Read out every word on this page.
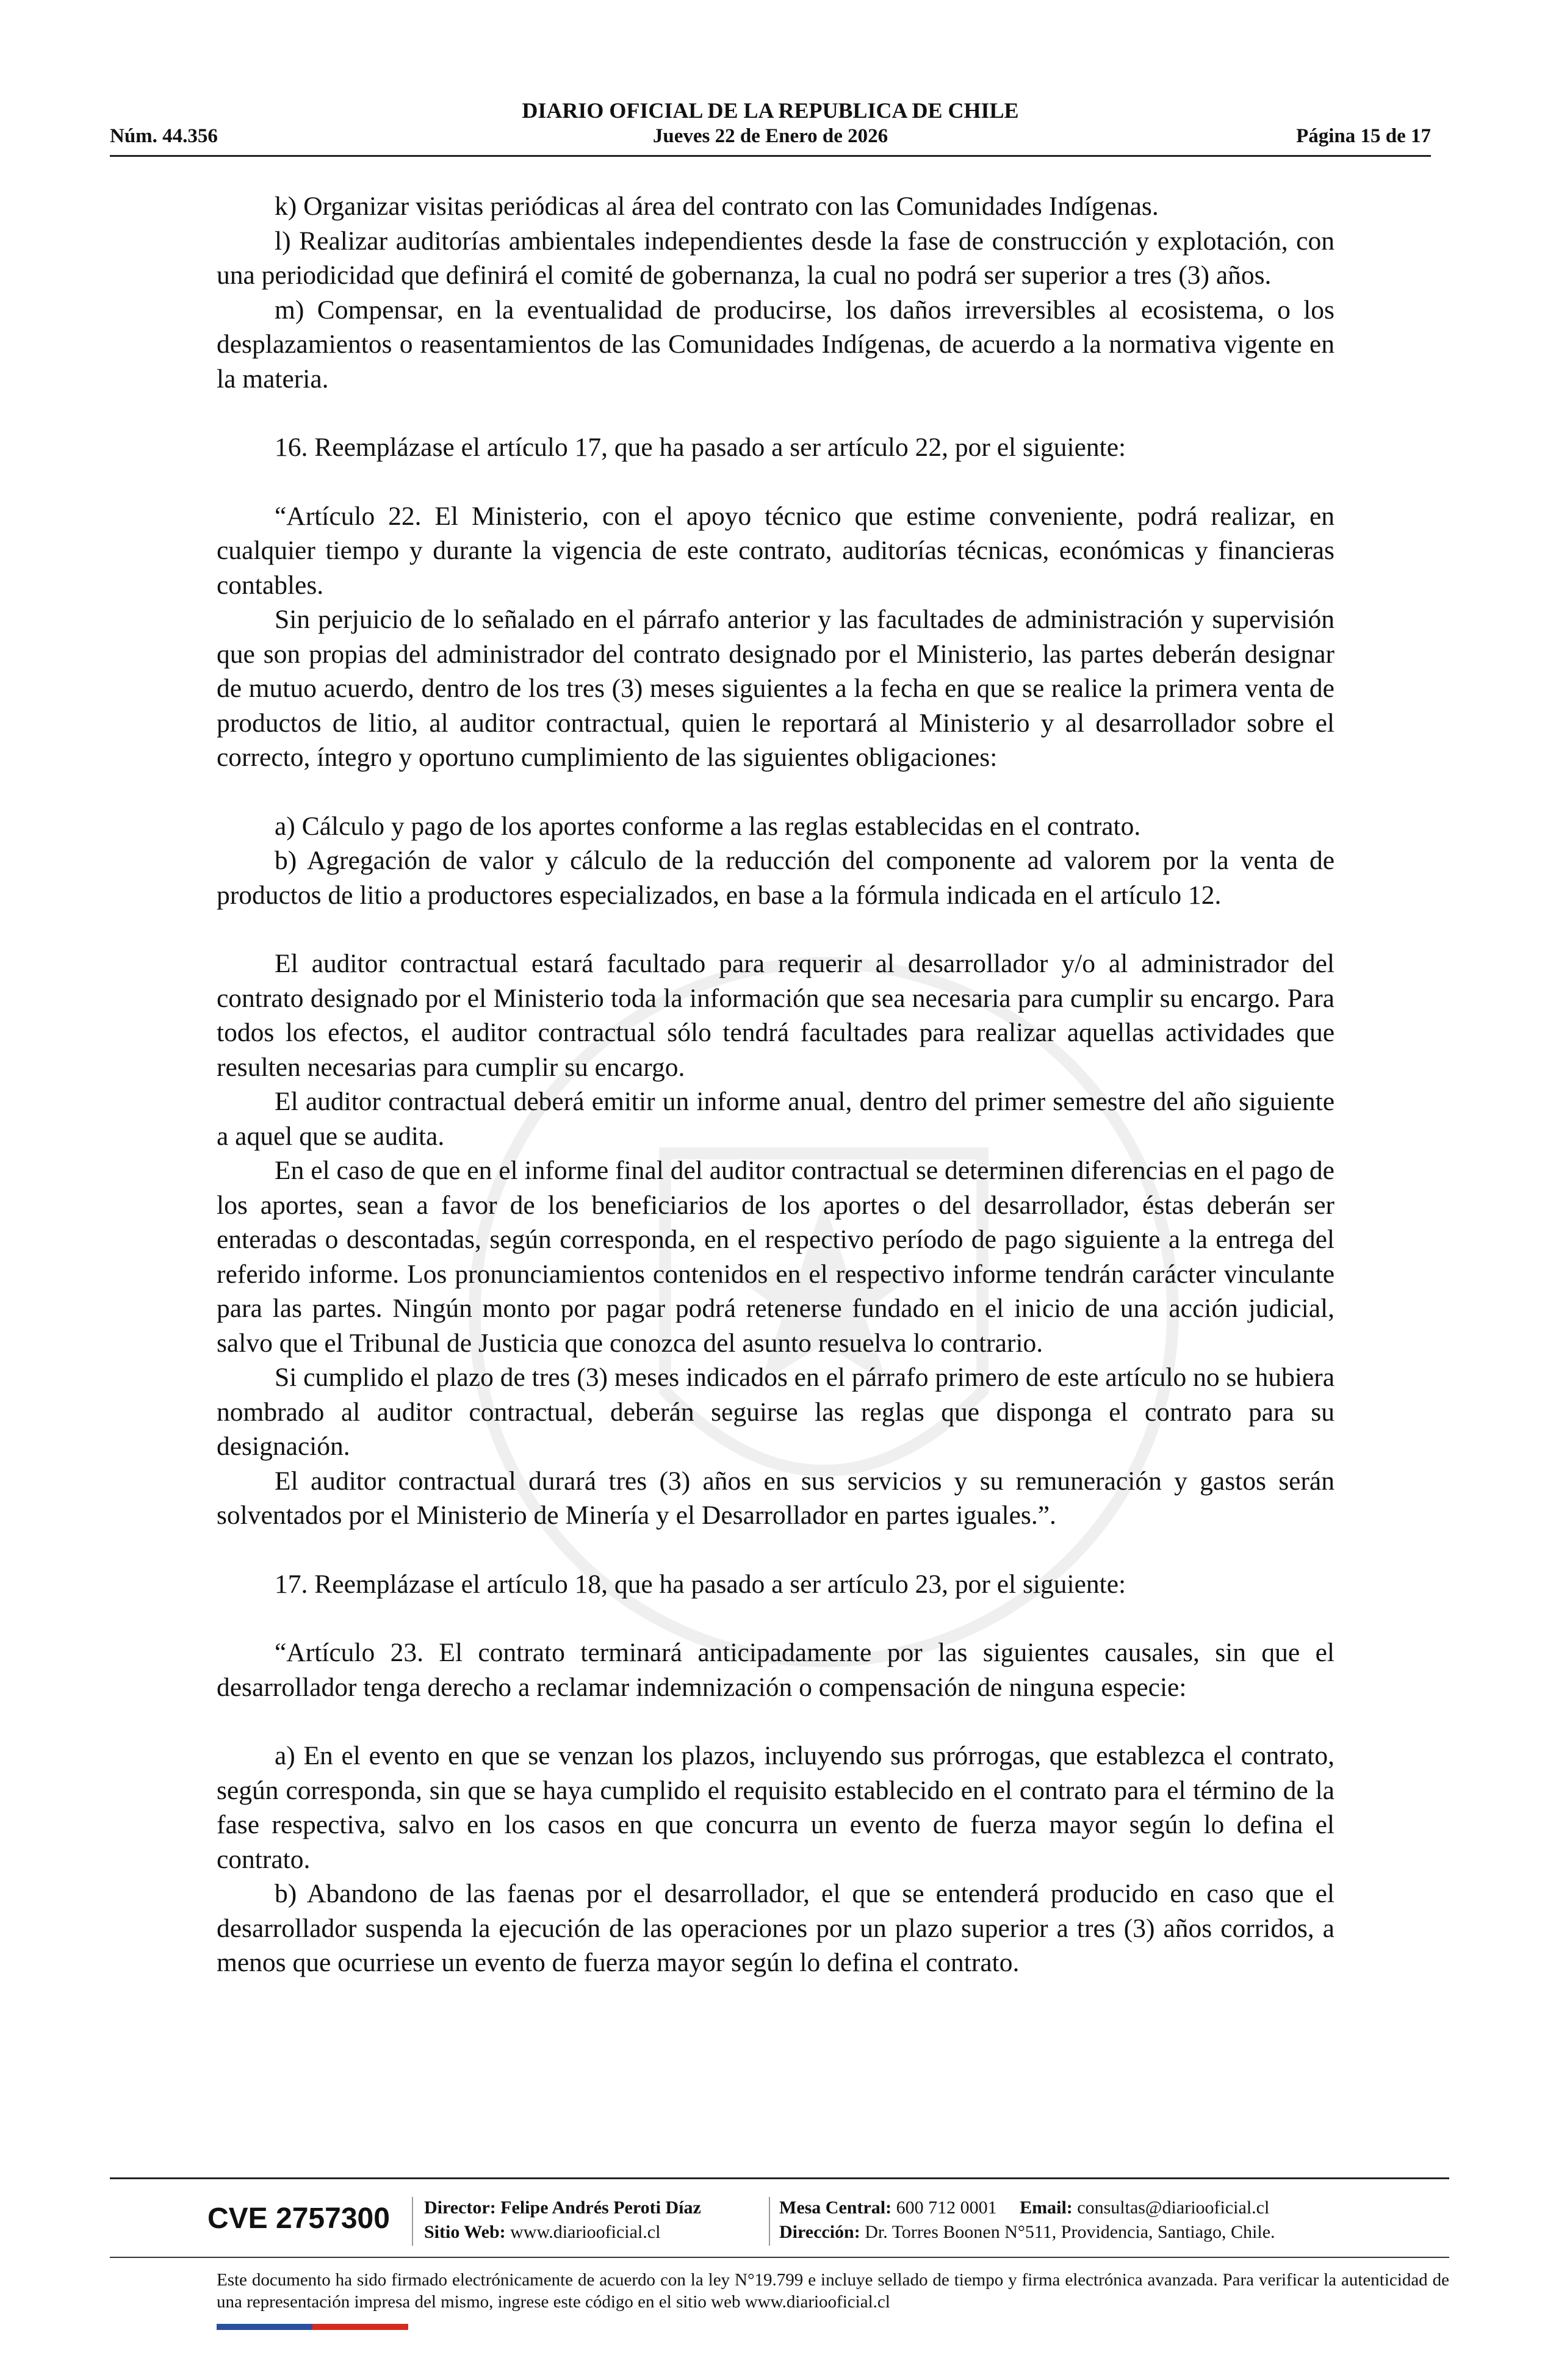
DIARIO OFICIAL DE LA REPUBLICA DE CHILE
Núm. 44.356	Jueves 22 de Enero de 2026	Página 15 de 17

k) Organizar visitas periódicas al área del contrato con las Comunidades Indígenas.

l) Realizar auditorías ambientales independientes desde la fase de construcción y explotación, con una periodicidad que definirá el comité de gobernanza, la cual no podrá ser superior a tres (3) años.

m) Compensar, en la eventualidad de producirse, los daños irreversibles al ecosistema, o los desplazamientos o reasentamientos de las Comunidades Indígenas, de acuerdo a la normativa vigente en la materia.

16. Reemplázase el artículo 17, que ha pasado a ser artículo 22, por el siguiente:

“Artículo 22. El Ministerio, con el apoyo técnico que estime conveniente, podrá realizar, en cualquier tiempo y durante la vigencia de este contrato, auditorías técnicas, económicas y financieras contables.

Sin perjuicio de lo señalado en el párrafo anterior y las facultades de administración y supervisión que son propias del administrador del contrato designado por el Ministerio, las partes deberán designar de mutuo acuerdo, dentro de los tres (3) meses siguientes a la fecha en que se realice la primera venta de productos de litio, al auditor contractual, quien le reportará al Ministerio y al desarrollador sobre el correcto, íntegro y oportuno cumplimiento de las siguientes obligaciones:

a) Cálculo y pago de los aportes conforme a las reglas establecidas en el contrato.

b) Agregación de valor y cálculo de la reducción del componente ad valorem por la venta de productos de litio a productores especializados, en base a la fórmula indicada en el artículo 12.

El auditor contractual estará facultado para requerir al desarrollador y/o al administrador del contrato designado por el Ministerio toda la información que sea necesaria para cumplir su encargo. Para todos los efectos, el auditor contractual sólo tendrá facultades para realizar aquellas actividades que resulten necesarias para cumplir su encargo.

El auditor contractual deberá emitir un informe anual, dentro del primer semestre del año siguiente a aquel que se audita.

En el caso de que en el informe final del auditor contractual se determinen diferencias en el pago de los aportes, sean a favor de los beneficiarios de los aportes o del desarrollador, éstas deberán ser enteradas o descontadas, según corresponda, en el respectivo período de pago siguiente a la entrega del referido informe. Los pronunciamientos contenidos en el respectivo informe tendrán carácter vinculante para las partes. Ningún monto por pagar podrá retenerse fundado en el inicio de una acción judicial, salvo que el Tribunal de Justicia que conozca del asunto resuelva lo contrario.

Si cumplido el plazo de tres (3) meses indicados en el párrafo primero de este artículo no se hubiera nombrado al auditor contractual, deberán seguirse las reglas que disponga el contrato para su designación.

El auditor contractual durará tres (3) años en sus servicios y su remuneración y gastos serán solventados por el Ministerio de Minería y el Desarrollador en partes iguales.”.

17. Reemplázase el artículo 18, que ha pasado a ser artículo 23, por el siguiente:

“Artículo 23. El contrato terminará anticipadamente por las siguientes causales, sin que el desarrollador tenga derecho a reclamar indemnización o compensación de ninguna especie:

a) En el evento en que se venzan los plazos, incluyendo sus prórrogas, que establezca el contrato, según corresponda, sin que se haya cumplido el requisito establecido en el contrato para el término de la fase respectiva, salvo en los casos en que concurra un evento de fuerza mayor según lo defina el contrato.

b) Abandono de las faenas por el desarrollador, el que se entenderá producido en caso que el desarrollador suspenda la ejecución de las operaciones por un plazo superior a tres (3) años corridos, a menos que ocurriese un evento de fuerza mayor según lo defina el contrato.

CVE 2757300 Director: Felipe Andrés Peroti Díaz
Sitio Web: www.diariooficial.cl
Mesa Central: 600 712 0001 Email: consultas@diariooficial.cl
Dirección: Dr. Torres Boonen N°511, Providencia, Santiago, Chile.
Este documento ha sido firmado electrónicamente de acuerdo con la ley N°19.799 e incluye sellado de tiempo y firma electrónica avanzada. Para verificar la autenticidad de una representación impresa del mismo, ingrese este código en el sitio web www.diariooficial.cl
